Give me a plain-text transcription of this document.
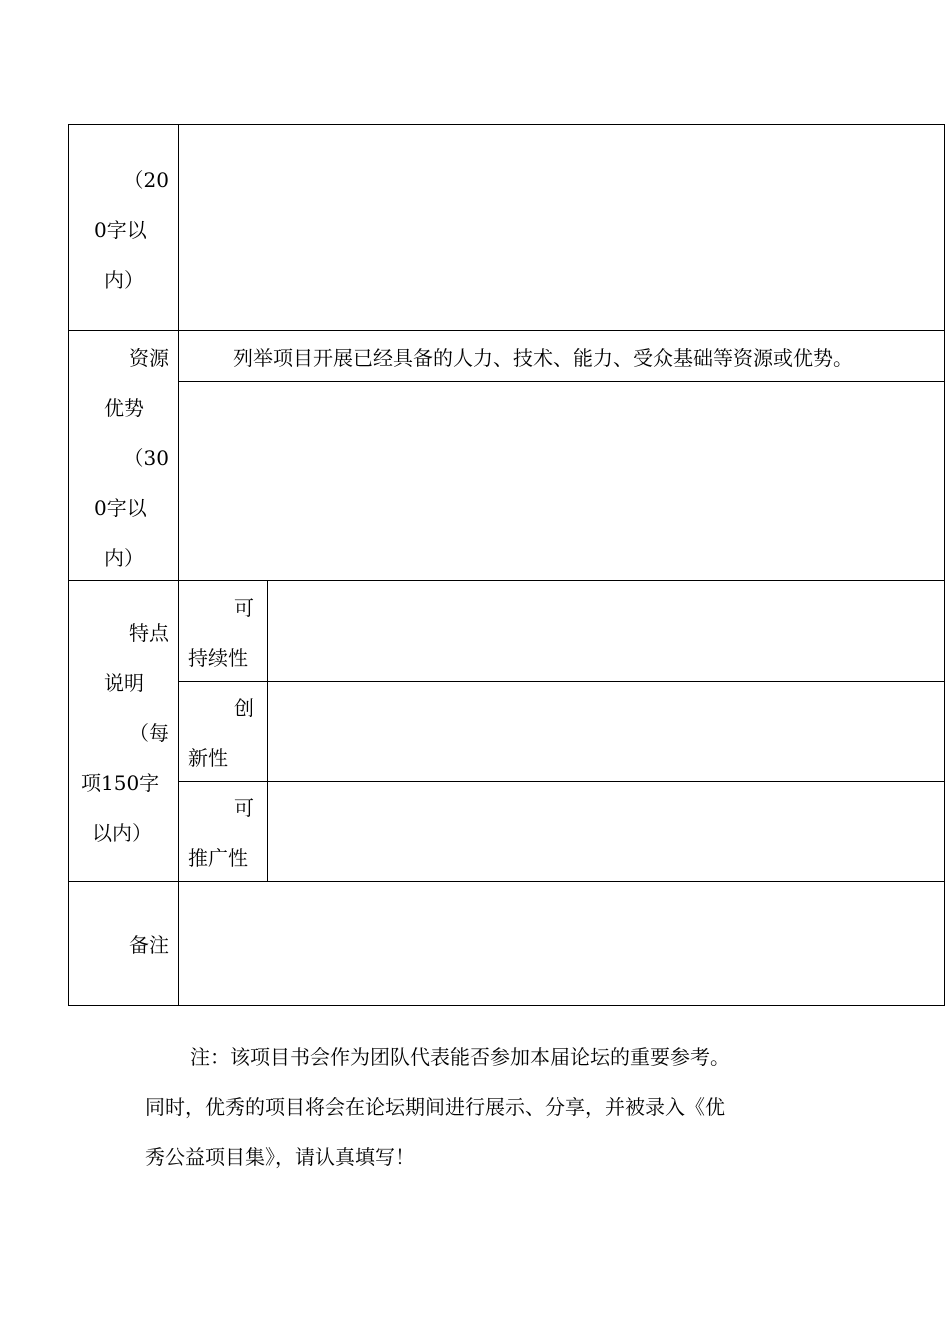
（20
0字以
内）
资源
优势
（30
0字以
内）
列举项目开展已经具备的人力、技术、能力、受众基础等资源或优势。
特点
说明
（每
项150字
以内）
可
持续性
创
新性
可
推广性
备注
注：该项目书会作为团队代表能否参加本届论坛的重要参考。
同时，优秀的项目将会在论坛期间进行展示、分享，并被录入《优
秀公益项目集》，请认真填写！
